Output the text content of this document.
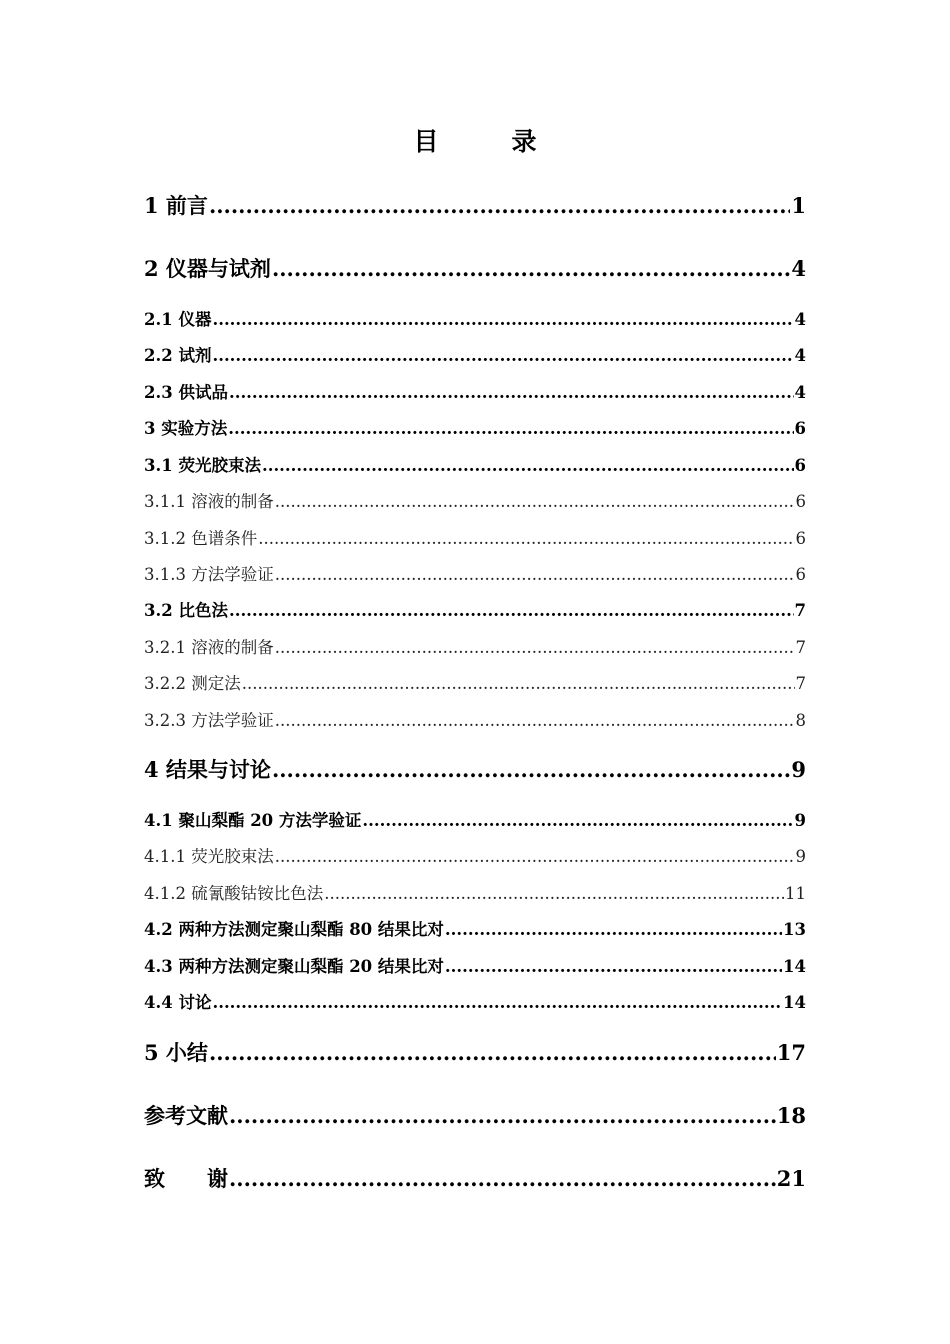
目　录
1 前言 .....	1
2 仪器与试剂 .....	4
2.1 仪器 .....	4
2.2 试剂 .....	4
2.3 供试品 .....	4
3 实验方法 .....	6
3.1 荧光胶束法 .....	6
3.1.1 溶液的制备 .....	6
3.1.2 色谱条件 .....	6
3.1.3 方法学验证 .....	6
3.2 比色法 .....	7
3.2.1 溶液的制备 .....	7
3.2.2 测定法 .....	7
3.2.3 方法学验证 .....	8
4 结果与讨论 .....	9
4.1 聚山梨酯 20 方法学验证 .....	9
4.1.1 荧光胶束法 .....	9
4.1.2 硫氰酸钴铵比色法 .....	11
4.2 两种方法测定聚山梨酯 80 结果比对 .....	13
4.3 两种方法测定聚山梨酯 20 结果比对 .....	14
4.4 讨论 .....	14
5 小结 .....	17
参考文献 .....	18
致　　谢 .....	21
